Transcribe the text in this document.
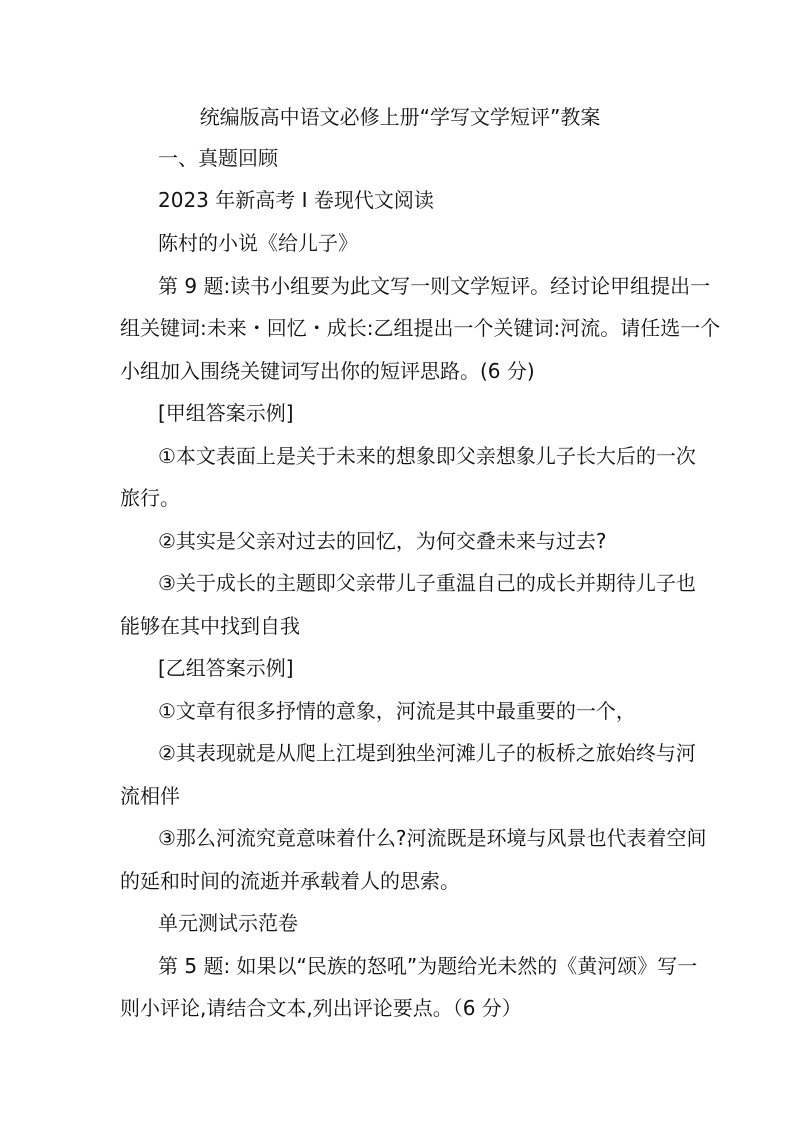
统编版高中语文必修上册“学写文学短评”教案
一、真题回顾
2023 年新高考 I 卷现代文阅读
陈村的小说《给儿子》
第 9 题:读书小组要为此文写一则文学短评。经讨论甲组提出一
组关键词:未来・回忆・成长:乙组提出一个关键词:河流。请任选一个
小组加入围绕关键词写出你的短评思路。(6 分)
[甲组答案示例]
①本文表面上是关于未来的想象即父亲想象儿子长大后的一次
旅行。
②其实是父亲对过去的回忆，为何交叠未来与过去?
③关于成长的主题即父亲带儿子重温自己的成长并期待儿子也
能够在其中找到自我
[乙组答案示例]
①文章有很多抒情的意象，河流是其中最重要的一个，
②其表现就是从爬上江堤到独坐河滩儿子的板桥之旅始终与河
流相伴
③那么河流究竟意味着什么?河流既是环境与风景也代表着空间
的延和时间的流逝并承载着人的思索。
单元测试示范卷
第 5 题: 如果以“民族的怒吼”为题给光未然的《黄河颂》写一
则小评论,请结合文本,列出评论要点。（6 分）
